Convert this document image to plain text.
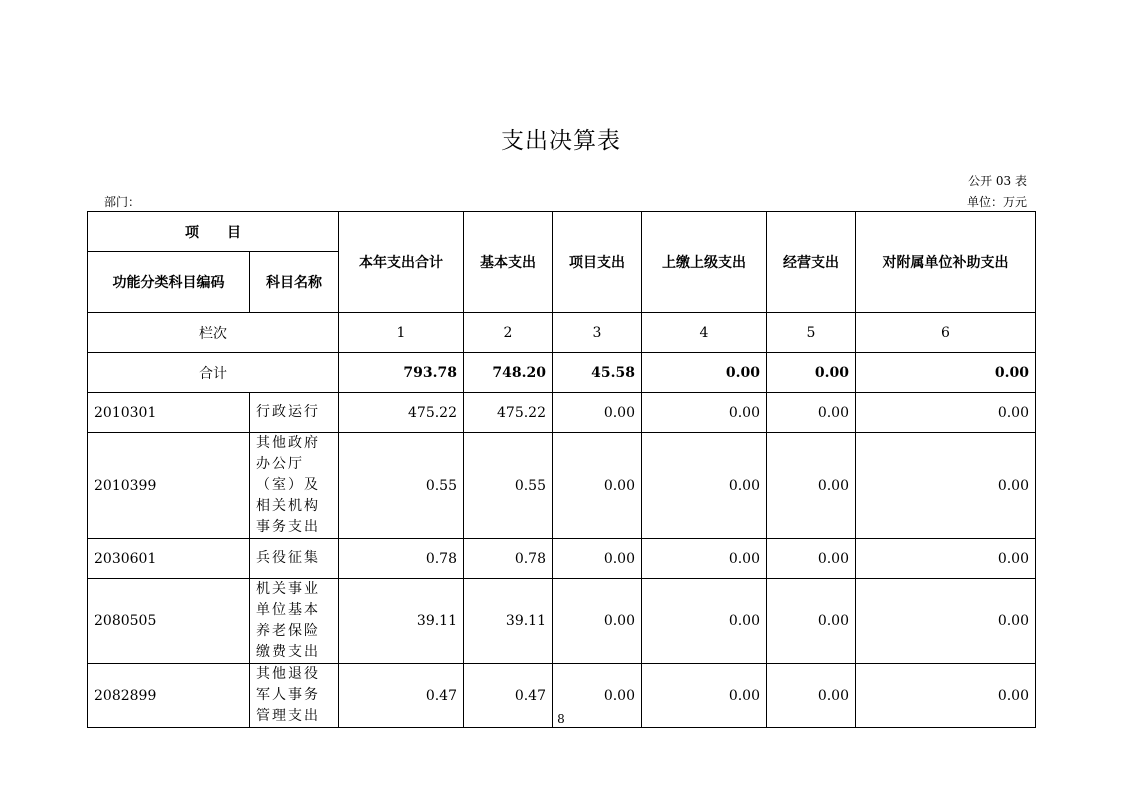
支出决算表
公开 03 表
部门：	单位：万元
项　　目		本年支出合计	基本支出	项目支出	上缴上级支出	经营支出	对附属单位补助支出
功能分类科目编码	科目名称						
栏次		1	2	3	4	5	6
合计		793.78	748.20	45.58	0.00	0.00	0.00
2010301	行政运行	475.22	475.22	0.00	0.00	0.00	0.00
2010399	其他政府办公厅（室）及相关机构事务支出	0.55	0.55	0.00	0.00	0.00	0.00
2030601	兵役征集	0.78	0.78	0.00	0.00	0.00	0.00
2080505	机关事业单位基本养老保险缴费支出	39.11	39.11	0.00	0.00	0.00	0.00
2082899	其他退役军人事务管理支出	0.47	0.47	0.00	0.00	0.00	0.00
8
